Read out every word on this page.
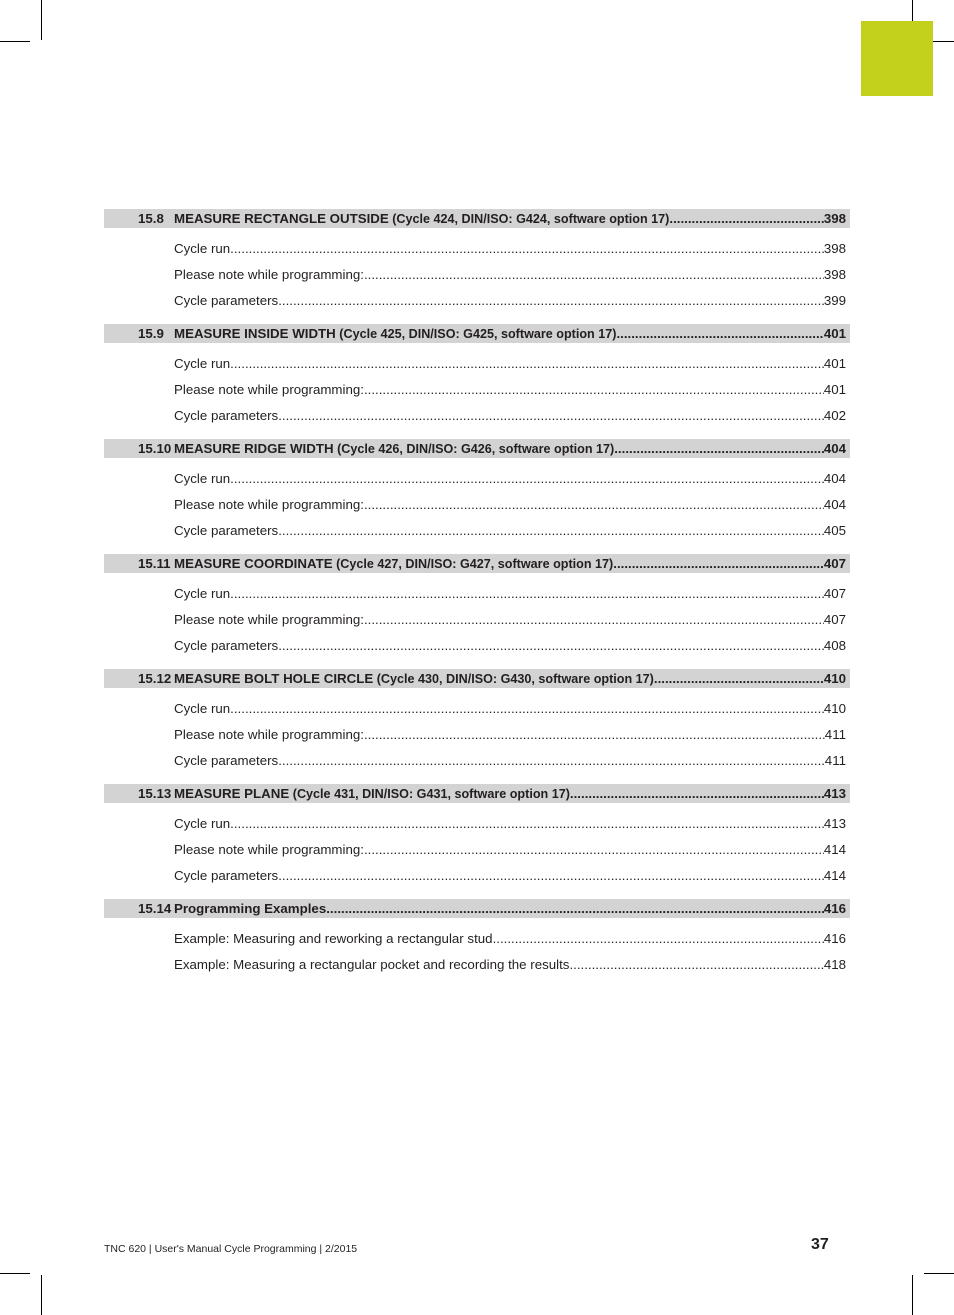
15.8 MEASURE RECTANGLE OUTSIDE (Cycle 424, DIN/ISO: G424, software option 17) .....	398
Cycle run .....	398
Please note while programming: .....	398
Cycle parameters .....	399
15.9 MEASURE INSIDE WIDTH (Cycle 425, DIN/ISO: G425, software option 17) .....	401
Cycle run .....	401
Please note while programming: .....	401
Cycle parameters .....	402
15.10 MEASURE RIDGE WIDTH (Cycle 426, DIN/ISO: G426, software option 17) .....	404
Cycle run .....	404
Please note while programming: .....	404
Cycle parameters .....	405
15.11 MEASURE COORDINATE (Cycle 427, DIN/ISO: G427, software option 17) .....	407
Cycle run .....	407
Please note while programming: .....	407
Cycle parameters .....	408
15.12 MEASURE BOLT HOLE CIRCLE (Cycle 430, DIN/ISO: G430, software option 17) .....	410
Cycle run .....	410
Please note while programming: .....	411
Cycle parameters .....	411
15.13 MEASURE PLANE (Cycle 431, DIN/ISO: G431, software option 17) .....	413
Cycle run .....	413
Please note while programming: .....	414
Cycle parameters .....	414
15.14 Programming Examples .....	416
Example: Measuring and reworking a rectangular stud .....	416
Example: Measuring a rectangular pocket and recording the results .....	418
TNC 620 | User's Manual Cycle Programming | 2/2015	37
